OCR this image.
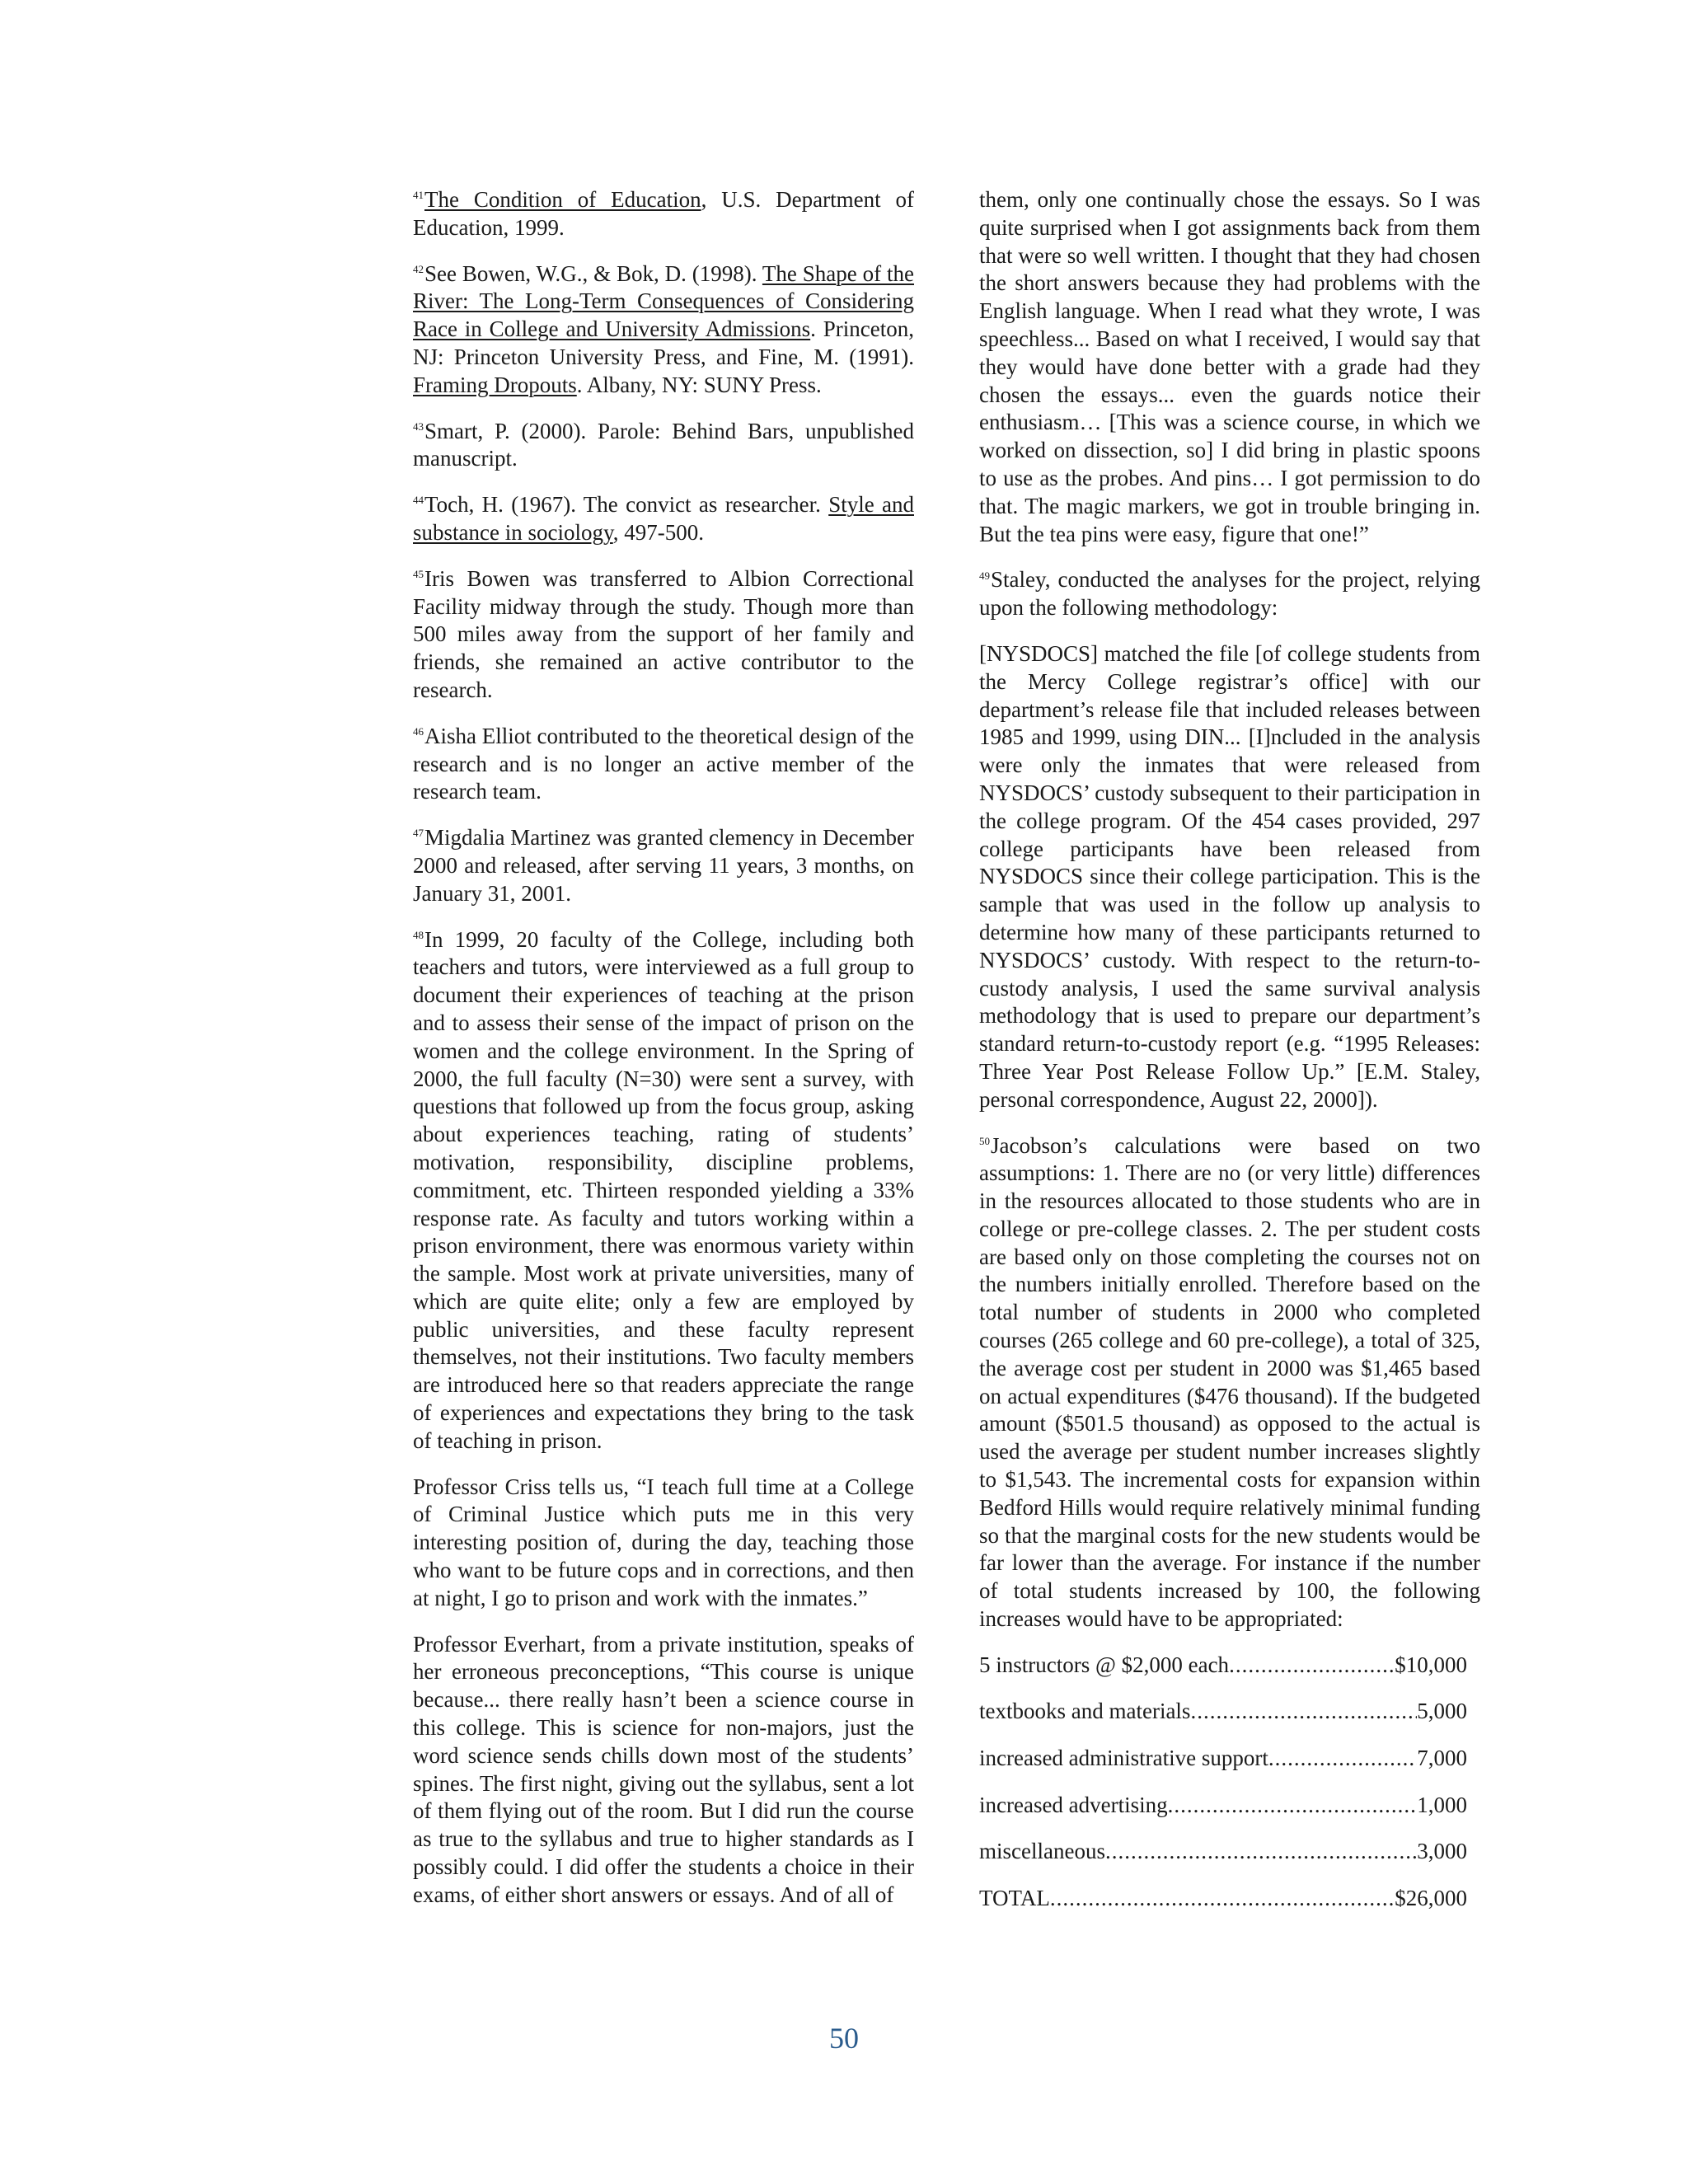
$^{41}$The Condition of Education, U.S. Department of Education, 1999.

$^{42}$See Bowen, W.G., & Bok, D. (1998). The Shape of the River: The Long-Term Consequences of Considering Race in College and University Admissions. Princeton, NJ: Princeton University Press, and Fine, M. (1991). Framing Dropouts. Albany, NY: SUNY Press.

$^{43}$Smart, P. (2000). Parole: Behind Bars, unpublished manuscript.

$^{44}$Toch, H. (1967). The convict as researcher. Style and substance in sociology, 497-500.

$^{45}$Iris Bowen was transferred to Albion Correctional Facility midway through the study. Though more than 500 miles away from the support of her family and friends, she remained an active contributor to the research.

$^{46}$Aisha Elliot contributed to the theoretical design of the research and is no longer an active member of the research team.

$^{47}$Migdalia Martinez was granted clemency in December 2000 and released, after serving 11 years, 3 months, on January 31, 2001.

$^{48}$In 1999, 20 faculty of the College, including both teachers and tutors, were interviewed as a full group to document their experiences of teaching at the prison and to assess their sense of the impact of prison on the women and the college environment. In the Spring of 2000, the full faculty (N=30) were sent a survey, with questions that followed up from the focus group, asking about experiences teaching, rating of students’ motivation, responsibility, discipline problems, commitment, etc. Thirteen responded yielding a 33% response rate. As faculty and tutors working within a prison environment, there was enormous variety within the sample. Most work at private universities, many of which are quite elite; only a few are employed by public universities, and these faculty represent themselves, not their institutions. Two faculty members are introduced here so that readers appreciate the range of experiences and expectations they bring to the task of teaching in prison.

Professor Criss tells us, “I teach full time at a College of Criminal Justice which puts me in this very interesting position of, during the day, teaching those who want to be future cops and in corrections, and then at night, I go to prison and work with the inmates.”

Professor Everhart, from a private institution, speaks of her erroneous preconceptions, “This course is unique because... there really hasn’t been a science course in this college. This is science for non-majors, just the word science sends chills down most of the students’ spines. The first night, giving out the syllabus, sent a lot of them flying out of the room. But I did run the course as true to the syllabus and true to higher standards as I possibly could. I did offer the students a choice in their exams, of either short answers or essays. And of all of

them, only one continually chose the essays. So I was quite surprised when I got assignments back from them that were so well written. I thought that they had chosen the short answers because they had problems with the English language. When I read what they wrote, I was speechless... Based on what I received, I would say that they would have done better with a grade had they chosen the essays... even the guards notice their enthusiasm… [This was a science course, in which we worked on dissection, so] I did bring in plastic spoons to use as the probes. And pins… I got permission to do that. The magic markers, we got in trouble bringing in. But the tea pins were easy, figure that one!”

$^{49}$Staley, conducted the analyses for the project, relying upon the following methodology:

[NYSDOCS] matched the file [of college students from the Mercy College registrar’s office] with our department’s release file that included releases between 1985 and 1999, using DIN... [I]ncluded in the analysis were only the inmates that were released from NYSDOCS’ custody subsequent to their participation in the college program. Of the 454 cases provided, 297 college participants have been released from NYSDOCS since their college participation. This is the sample that was used in the follow up analysis to determine how many of these participants returned to NYSDOCS’ custody. With respect to the return-to-custody analysis, I used the same survival analysis methodology that is used to prepare our department’s standard return-to-custody report (e.g. “1995 Releases: Three Year Post Release Follow Up.” [E.M. Staley, personal correspondence, August 22, 2000]).

$^{50}$Jacobson’s calculations were based on two assumptions: 1. There are no (or very little) differences in the resources allocated to those students who are in college or pre-college classes. 2. The per student costs are based only on those completing the courses not on the numbers initially enrolled. Therefore based on the total number of students in 2000 who completed courses (265 college and 60 pre-college), a total of 325, the average cost per student in 2000 was $1,465 based on actual expenditures ($476 thousand). If the budgeted amount ($501.5 thousand) as opposed to the actual is used the average per student number increases slightly to $1,543. The incremental costs for expansion within Bedford Hills would require relatively minimal funding so that the marginal costs for the new students would be far lower than the average. For instance if the number of total students increased by 100, the following increases would have to be appropriated:

5 instructors @ $2,000 each .....	$10,000
textbooks and materials .....	5,000
increased administrative support .....	7,000
increased advertising .....	1,000
miscellaneous .....	3,000
TOTAL .....	$26,000
50
